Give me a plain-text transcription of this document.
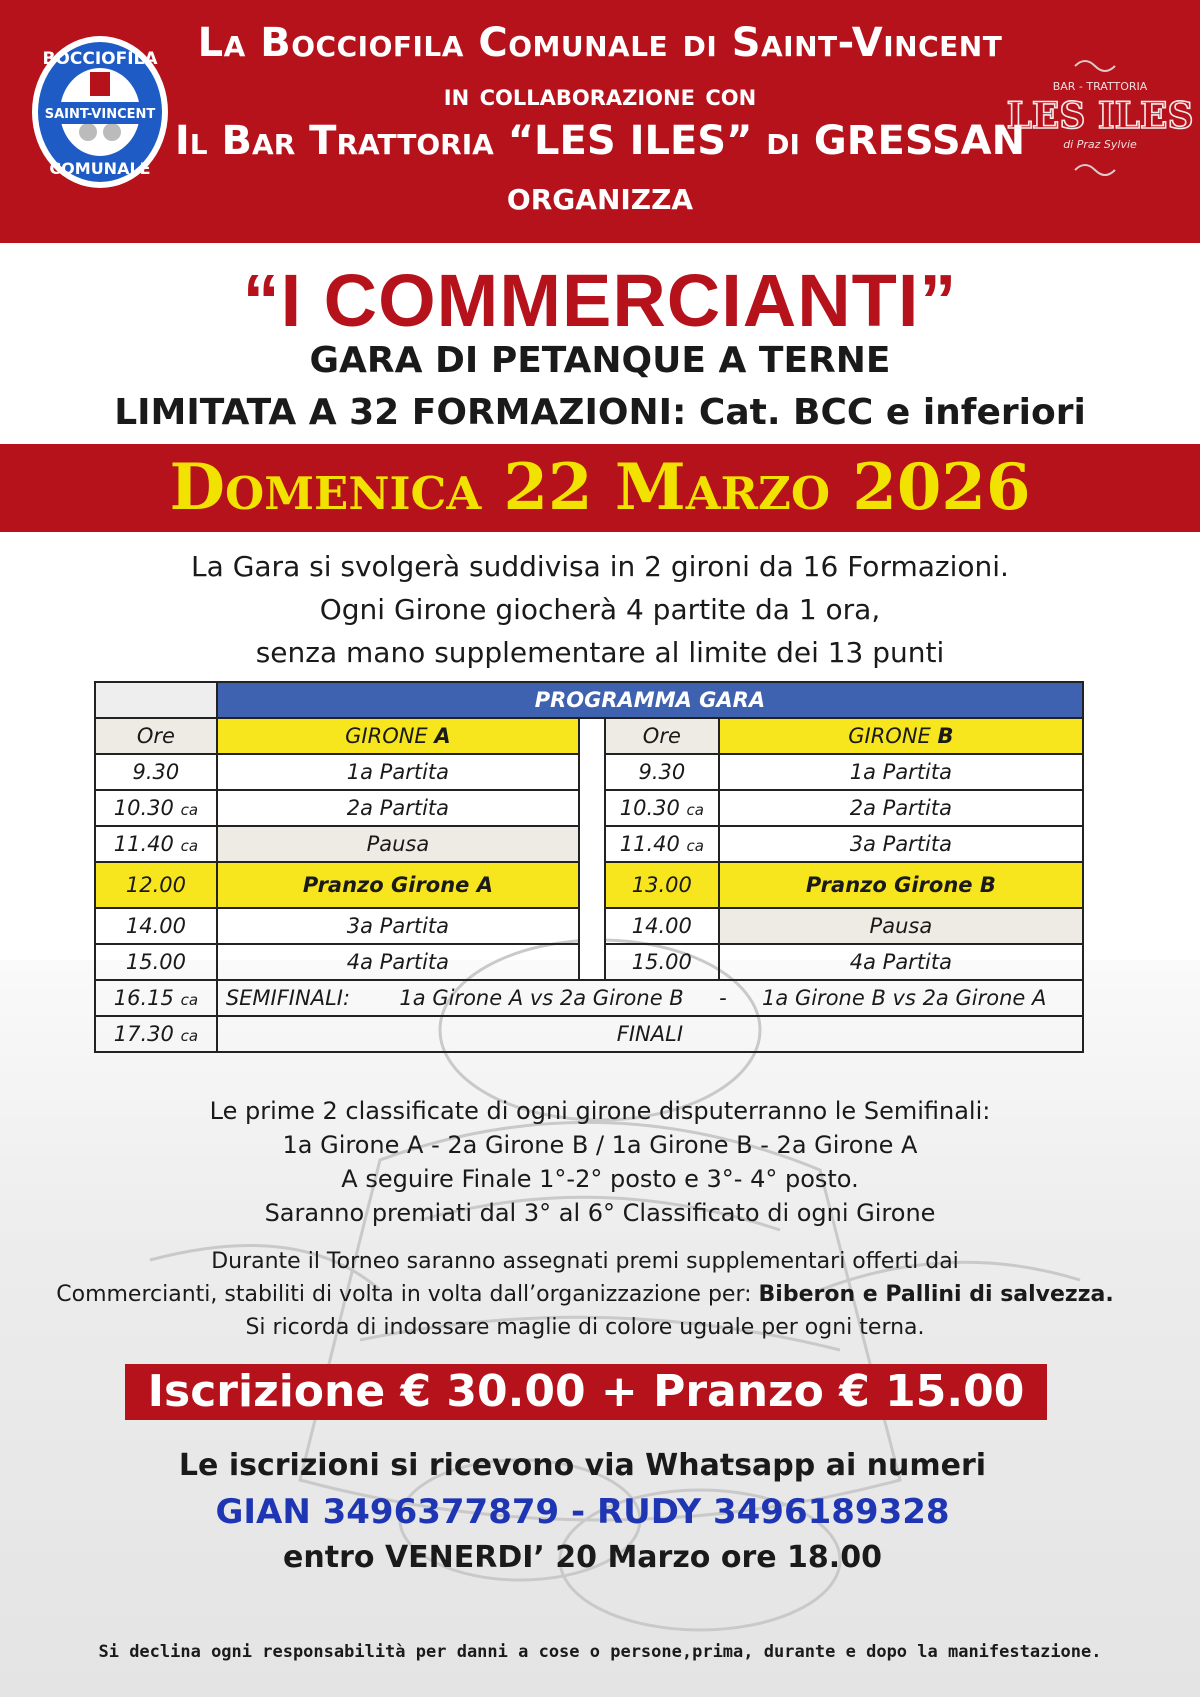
BOCCIOFILA
SAINT-VINCENT
COMUNALE
La Bocciofila Comunale di Saint-Vincent
in collaborazione con
Il Bar Trattoria “LES ILES” di GRESSAN
ORGANIZZA
BAR - TRATTORIA
LES ILES
di Praz Sylvie
“I COMMERCIANTI”
GARA DI PETANQUE A TERNE
LIMITATA A 32 FORMAZIONI: Cat. BCC e inferiori
Domenica 22 Marzo 2026
La Gara si svolgerà suddivisa in 2 gironi da 16 Formazioni.
Ogni Girone giocherà 4 partite da 1 ora,
senza mano supplementare al limite dei 13 punti
	PROGRAMMA GARA			
Ore	GIRONE A		Ore	GIRONE B
9.30	1a Partita		9.30	1a Partita
10.30 ca	2a Partita		10.30 ca	2a Partita
11.40 ca	Pausa		11.40 ca	3a Partita
12.00	Pranzo Girone A		13.00	Pranzo Girone B
14.00	3a Partita		14.00	Pausa
15.00	4a Partita		15.00	4a Partita
16.15 ca	SEMIFINALI: 1a Girone A vs 2a Girone B - 1a Girone B vs 2a Girone A			
17.30 ca	FINALI			
Le prime 2 classificate di ogni girone disputerranno le Semifinali:
1a Girone A - 2a Girone B / 1a Girone B - 2a Girone A
A seguire Finale 1°-2° posto e 3°- 4° posto.
Saranno premiati dal 3° al 6° Classificato di ogni Girone
Durante il Torneo saranno assegnati premi supplementari offerti dai
Commercianti, stabiliti di volta in volta dall’organizzazione per: Biberon e Pallini di salvezza.
Si ricorda di indossare maglie di colore uguale per ogni terna.
Iscrizione € 30.00 + Pranzo € 15.00
Le iscrizioni si ricevono via Whatsapp ai numeri
GIAN 3496377879 - RUDY 3496189328
entro VENERDI’ 20 Marzo ore 18.00
Si declina ogni responsabilità per danni a cose o persone,prima, durante e dopo la manifestazione.
